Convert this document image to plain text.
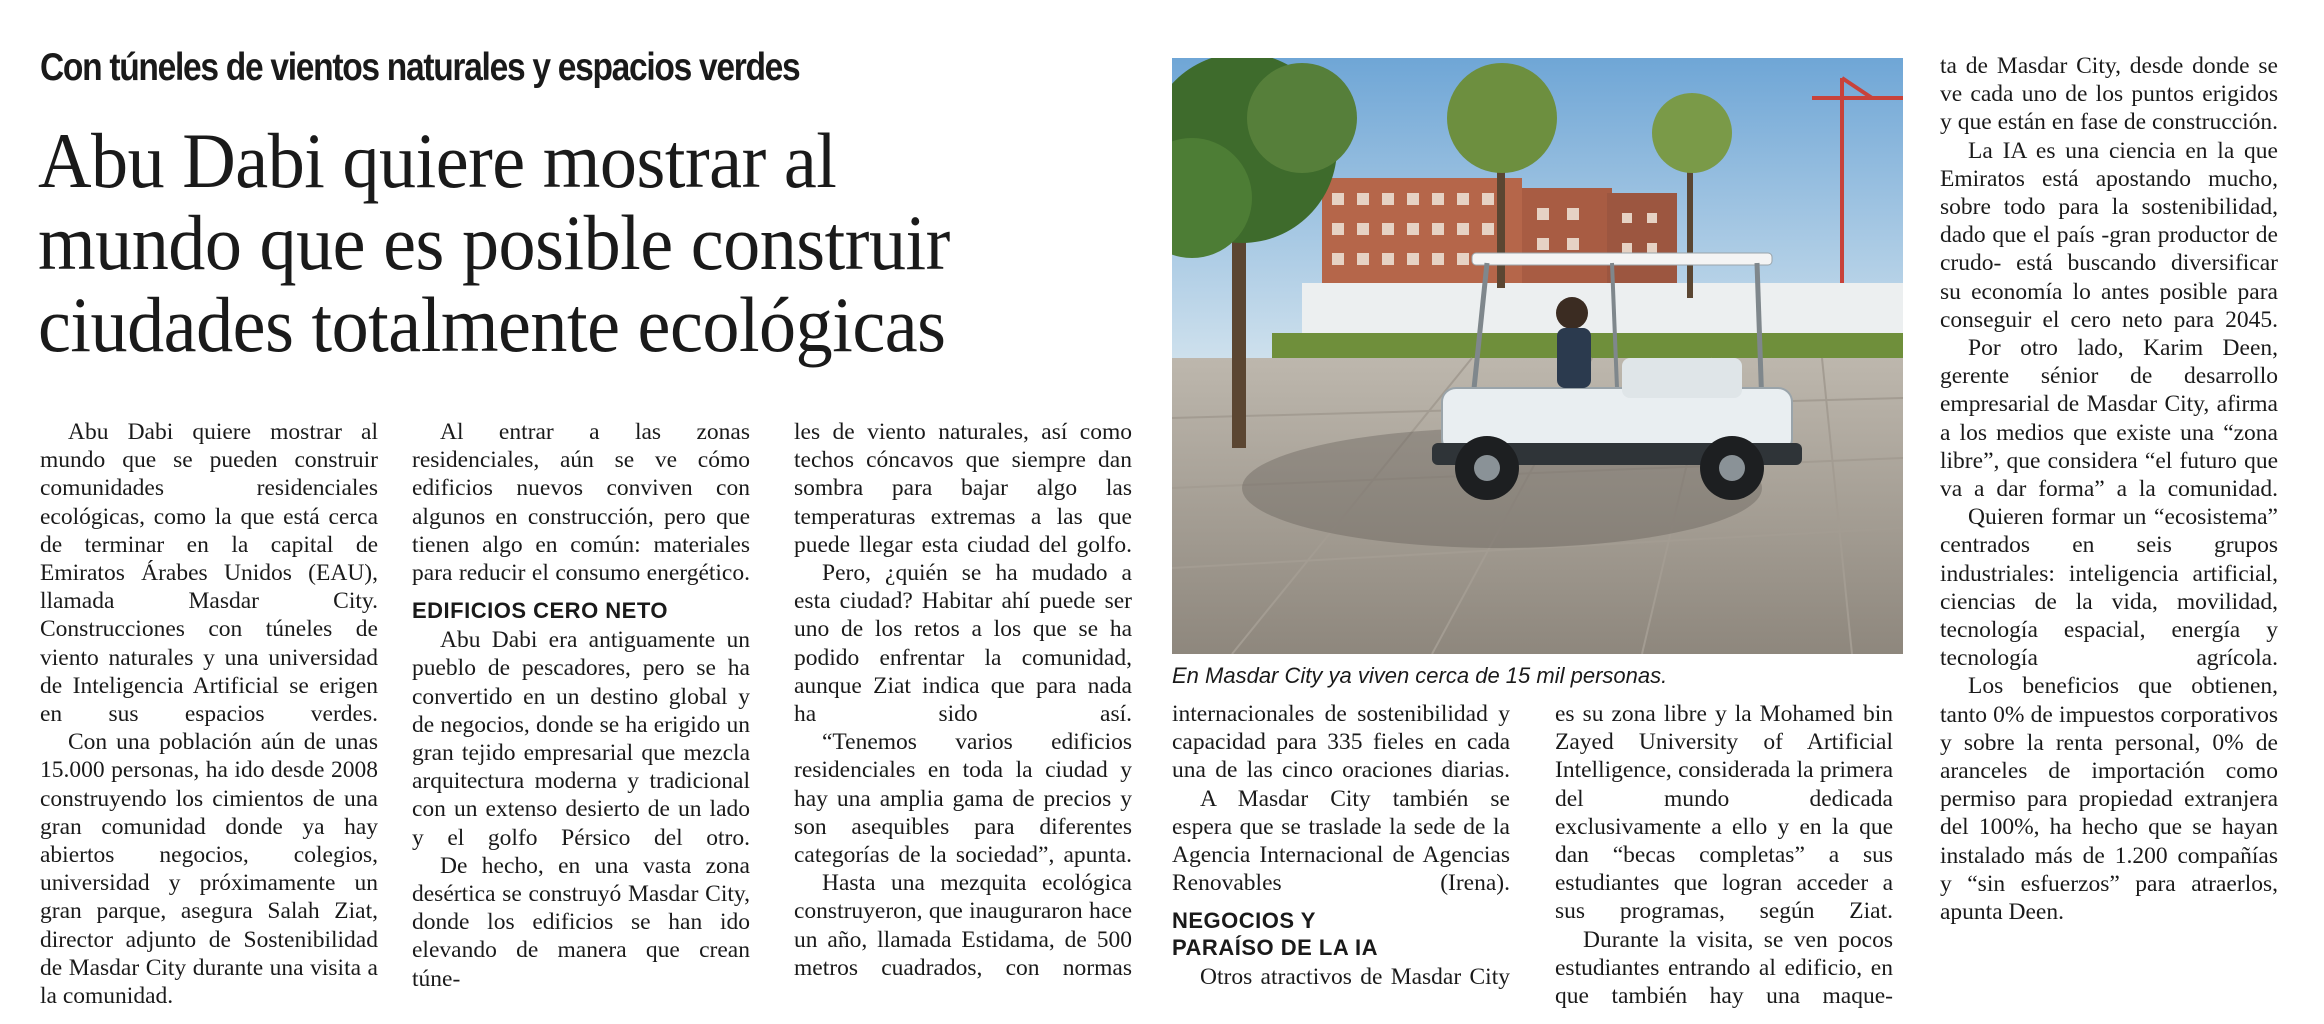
Con túneles de vientos naturales y espacios verdes
Abu Dabi quiere mostrar al
mundo que es posible construir
ciudades totalmente ecológicas

Abu Dabi quiere mostrar al mundo que se pueden construir comunidades residenciales ecológicas, como la que está cerca de terminar en la capital de Emiratos Árabes Unidos (EAU), llamada Masdar City. Construcciones con túneles de viento naturales y una universidad de Inteligencia Artificial se erigen en sus espacios verdes.

Con una población aún de unas 15.000 personas, ha ido desde 2008 construyendo los cimientos de una gran comunidad donde ya hay abiertos negocios, colegios, universidad y próximamente un gran parque, asegura Salah Ziat, director adjunto de Sostenibilidad de Masdar City durante una visita a la comunidad.

Al entrar a las zonas residenciales, aún se ve cómo edificios nuevos conviven con algunos en construcción, pero que tienen algo en común: materiales para reducir el consumo energético.

EDIFICIOS CERO NETO

Abu Dabi era antiguamente un pueblo de pescadores, pero se ha convertido en un destino global y de negocios, donde se ha erigido un gran tejido empresarial que mezcla arquitectura moderna y tradicional con un extenso desierto de un lado y el golfo Pérsico del otro.

De hecho, en una vasta zona desértica se construyó Masdar City, donde los edificios se han ido elevando de manera que crean túne-

les de viento naturales, así como techos cóncavos que siempre dan sombra para bajar algo las temperaturas extremas a las que puede llegar esta ciudad del golfo.

Pero, ¿quién se ha mudado a esta ciudad? Habitar ahí puede ser uno de los retos a los que se ha podido enfrentar la comunidad, aunque Ziat indica que para nada ha sido así.

“Tenemos varios edificios residenciales en toda la ciudad y hay una amplia gama de precios y son asequibles para diferentes categorías de la sociedad”, apunta.

Hasta una mezquita ecológica construyeron, que inauguraron hace un año, llamada Estidama, de 500 metros cuadrados, con normas

En Masdar City ya viven cerca de 15 mil personas.

internacionales de sostenibilidad y capacidad para 335 fieles en cada una de las cinco oraciones diarias.

A Masdar City también se espera que se traslade la sede de la Agencia Internacional de Agencias Renovables (Irena).

NEGOCIOS Y
PARAÍSO DE LA IA

Otros atractivos de Masdar City

es su zona libre y la Mohamed bin Zayed University of Artificial Intelligence, considerada la primera del mundo dedicada exclusivamente a ello y en la que dan “becas completas” a sus estudiantes que logran acceder a sus programas, según Ziat.

Durante la visita, se ven pocos estudiantes entrando al edificio, en que también hay una maque-

ta de Masdar City, desde donde se ve cada uno de los puntos erigidos y que están en fase de construcción.

La IA es una ciencia en la que Emiratos está apostando mucho, sobre todo para la sostenibilidad, dado que el país -gran productor de crudo- está buscando diversificar su economía lo antes posible para conseguir el cero neto para 2045.

Por otro lado, Karim Deen, gerente sénior de desarrollo empresarial de Masdar City, afirma a los medios que existe una “zona libre”, que considera “el futuro que va a dar forma” a la comunidad.

Quieren formar un “ecosistema” centrados en seis grupos industriales: inteligencia artificial, ciencias de la vida, movilidad, tecnología espacial, energía y tecnología agrícola.

Los beneficios que obtienen, tanto 0% de impuestos corporativos y sobre la renta personal, 0% de aranceles de importación como permiso para propiedad extranjera del 100%, ha hecho que se hayan instalado más de 1.200 compañías y “sin esfuerzos” para atraerlos, apunta Deen.
